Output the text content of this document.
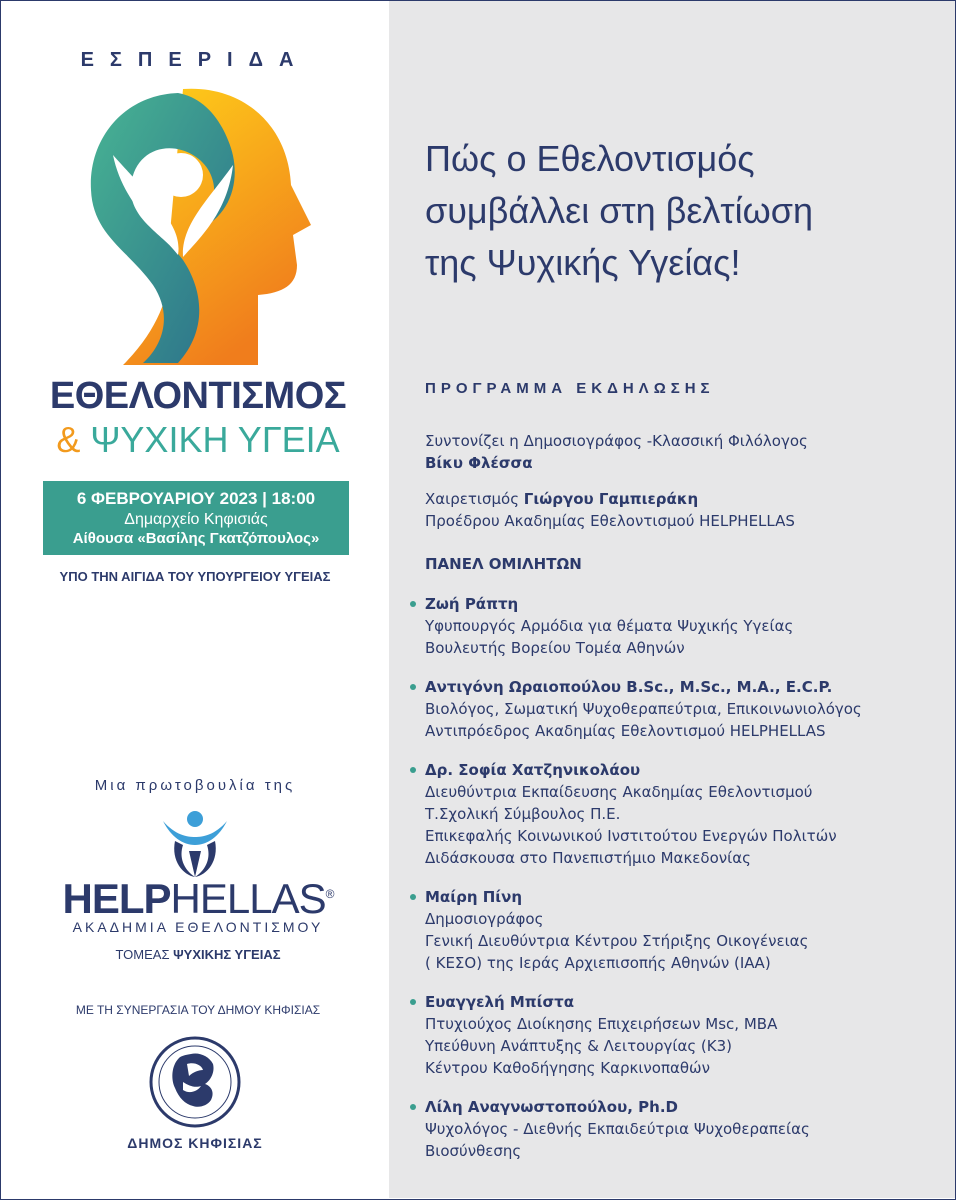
ΕΣΠΕΡΙΔΑ
ΕΘΕΛΟΝΤΙΣΜΟΣ
& ΨΥΧΙΚΗ ΥΓΕΙΑ
6 ΦΕΒΡΟΥΑΡΙΟΥ 2023 | 18:00
Δημαρχείο Κηφισιάς
Αίθουσα «Βασίλης Γκατζόπουλος»
ΥΠΟ ΤΗΝ ΑΙΓΙΔΑ ΤΟΥ ΥΠΟΥΡΓΕΙΟΥ ΥΓΕΙΑΣ
Μια πρωτοβουλία της
HELPHELLAS®
ΑΚΑΔΗΜΙΑ ΕΘΕΛΟΝΤΙΣΜΟΥ
ΤΟΜΕΑΣ ΨΥΧΙΚΗΣ ΥΓΕΙΑΣ
ΜΕ ΤΗ ΣΥΝΕΡΓΑΣΙΑ ΤΟΥ ΔΗΜΟΥ ΚΗΦΙΣΙΑΣ
ΔΗΜΟΣ ΚΗΦΙΣΙΑΣ
Πώς ο Εθελοντισμός
συμβάλλει στη βελτίωση
της Ψυχικής Υγείας!
ΠΡΟΓΡΑΜΜΑ ΕΚΔΗΛΩΣΗΣ
Συντονίζει η Δημοσιογράφος -Κλασσική Φιλόλογος
Βίκυ Φλέσσα
Χαιρετισμός Γιώργου Γαμπιεράκη
Προέδρου Ακαδημίας Εθελοντισμού HELPHELLAS
ΠΑΝΕΛ ΟΜΙΛΗΤΩΝ
Ζωή Ράπτη
Υφυπουργός Αρμόδια για θέματα Ψυχικής Υγείας
Βουλευτής Βορείου Τομέα Αθηνών
Αντιγόνη Ωραιοπούλου B.Sc., M.Sc., M.A., E.C.P.
Βιολόγος, Σωματική Ψυχοθεραπεύτρια, Επικοινωνιολόγος
Αντιπρόεδρος Ακαδημίας Εθελοντισμού HELPHELLAS
Δρ. Σοφία Χατζηνικολάου
Διευθύντρια Εκπαίδευσης Ακαδημίας Εθελοντισμού
Τ.Σχολική Σύμβουλος Π.Ε.
Επικεφαλής Κοινωνικού Ινστιτούτου Ενεργών Πολιτών
Διδάσκουσα στο Πανεπιστήμιο Μακεδονίας
Μαίρη Πίνη
Δημοσιογράφος
Γενική Διευθύντρια Κέντρου Στήριξης Οικογένειας
( ΚΕΣΟ) της Ιεράς Αρχιεπισοπής Αθηνών (ΙΑΑ)
Ευαγγελή Μπίστα
Πτυχιούχος Διοίκησης Επιχειρήσεων Msc, MBA
Υπεύθυνη Ανάπτυξης & Λειτουργίας (Κ3)
Κέντρου Καθοδήγησης Καρκινοπαθών
Λίλη Αναγνωστοπούλου, Ph.D
Ψυχολόγος - Διεθνής Εκπαιδεύτρια Ψυχοθεραπείας
Βιοσύνθεσης
